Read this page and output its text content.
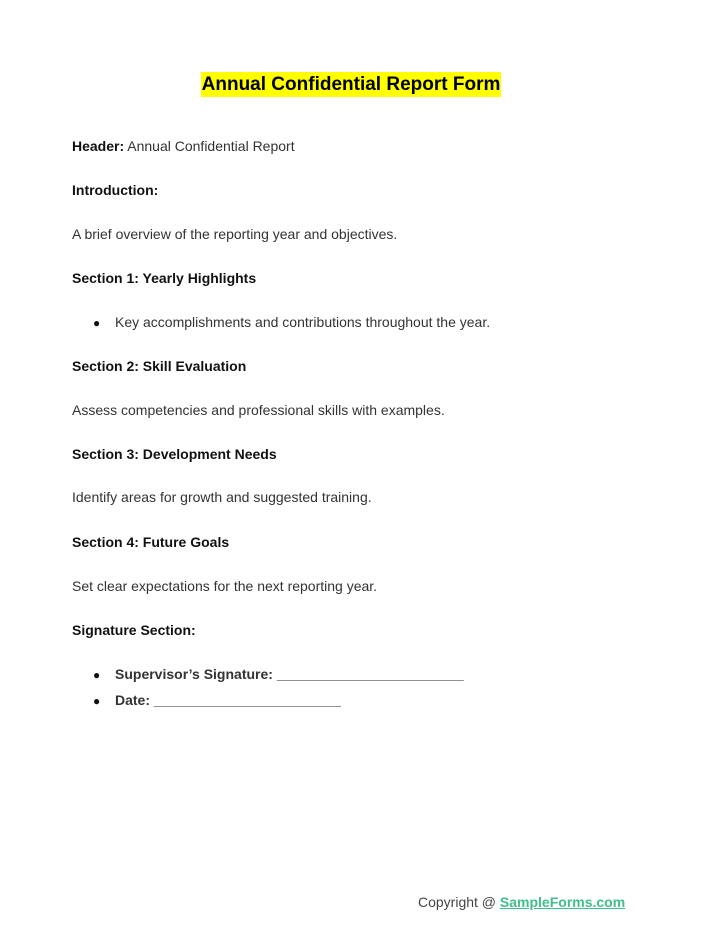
Annual Confidential Report Form
Header: Annual Confidential Report
Introduction:
A brief overview of the reporting year and objectives.
Section 1: Yearly Highlights
● Key accomplishments and contributions throughout the year.
Section 2: Skill Evaluation
Assess competencies and professional skills with examples.
Section 3: Development Needs
Identify areas for growth and suggested training.
Section 4: Future Goals
Set clear expectations for the next reporting year.
Signature Section:
● Supervisor’s Signature: ________________________
● Date: ________________________
Copyright @ SampleForms.com
